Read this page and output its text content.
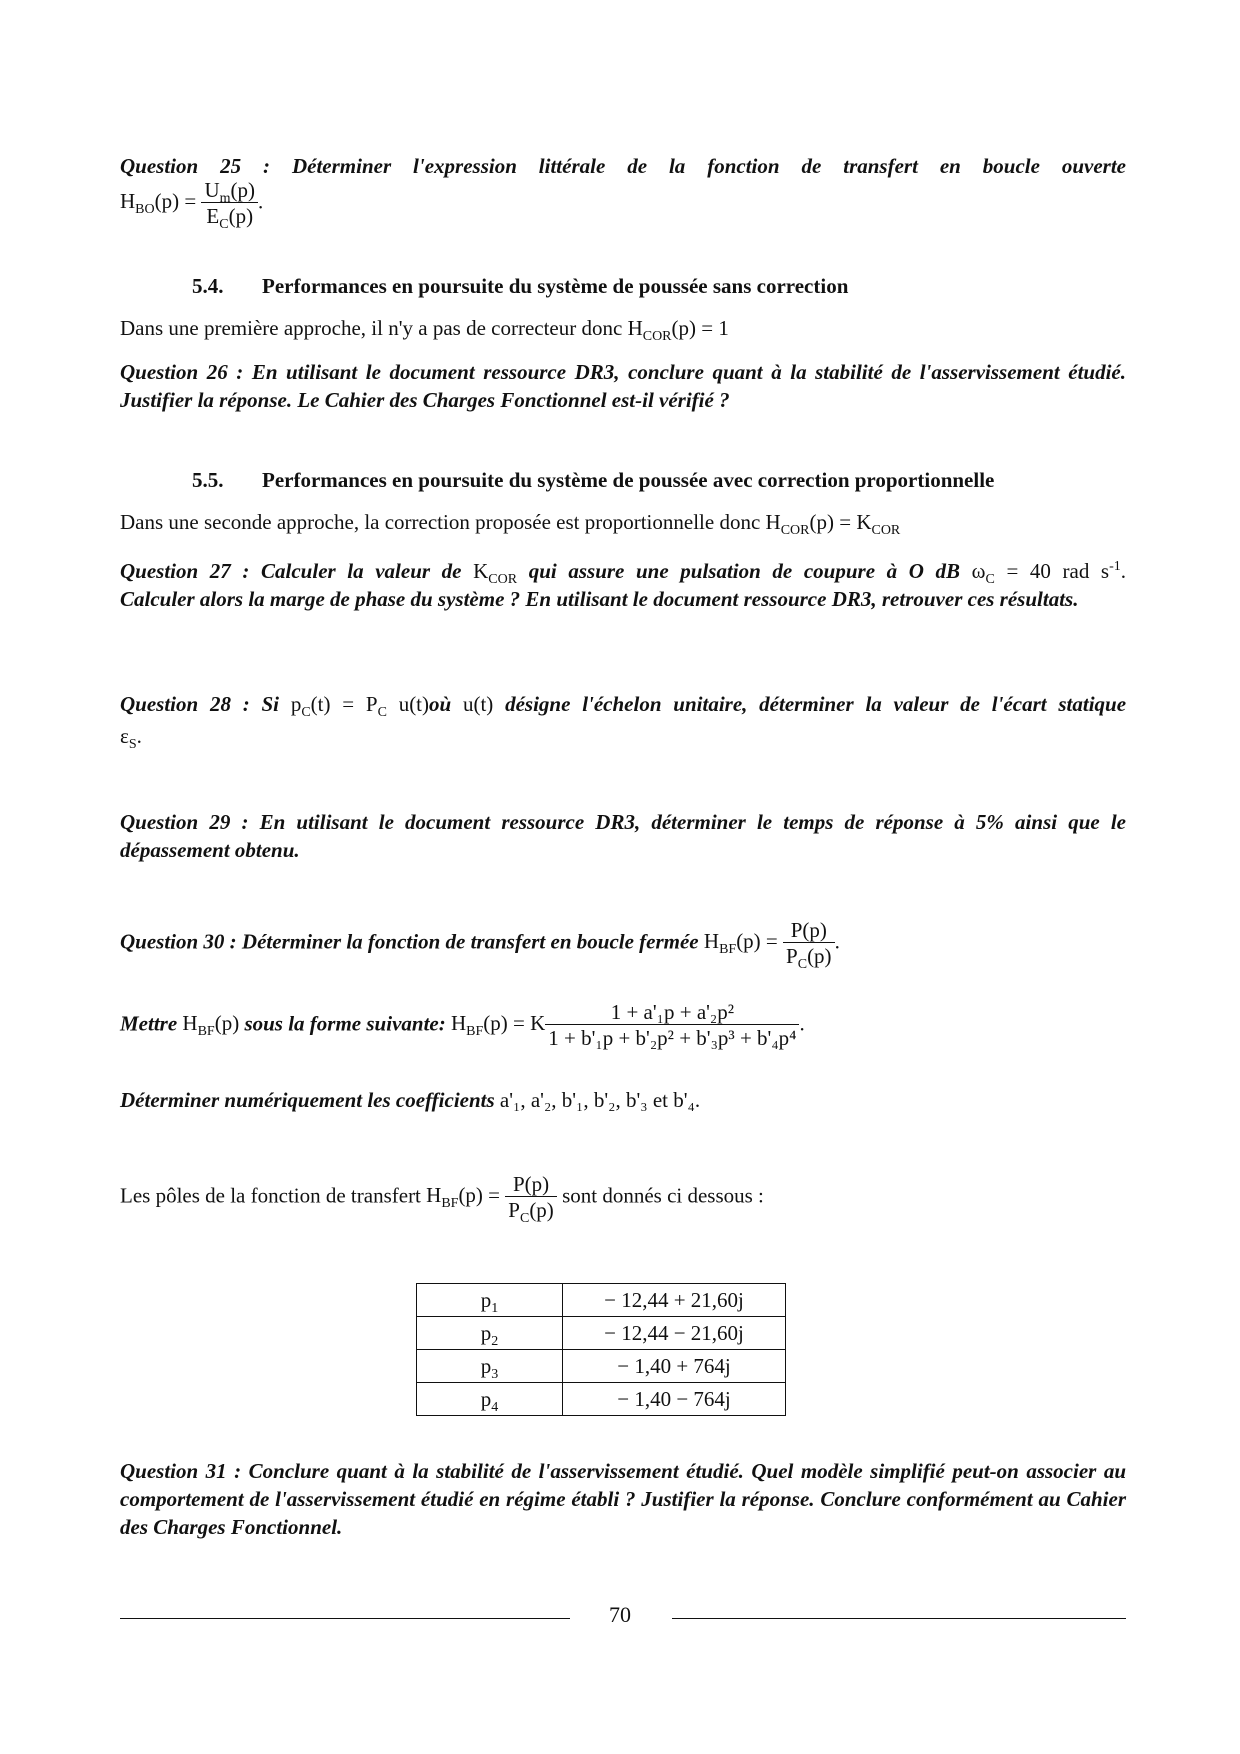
Question 25 : Déterminer l'expression littérale de la fonction de transfert en boucle ouverte
$H_{BO}(p) = \frac{U_m(p)}{E_C(p)}$ .
5.4. Performances en poursuite du système de poussée sans correction
Dans une première approche, il n'y a pas de correcteur donc $H_{COR}(p) = 1$
Question 26 : En utilisant le document ressource DR3, conclure quant à la stabilité de l'asservissement étudié. Justifier la réponse. Le Cahier des Charges Fonctionnel est-il vérifié ?
5.5. Performances en poursuite du système de poussée avec correction proportionnelle
Dans une seconde approche, la correction proposée est proportionnelle donc $H_{COR}(p) = K_{COR}$
Question 27 : Calculer la valeur de $K_{COR}$ qui assure une pulsation de coupure à O dB $\omega_C = 40$ rad $s^{-1}$.
Calculer alors la marge de phase du système ? En utilisant le document ressource DR3, retrouver ces résultats.
Question 28 : Si $p_C(t) = P_C$ u(t)où u(t) désigne l'échelon unitaire, déterminer la valeur de l'écart statique
$\varepsilon_S$.
Question 29 : En utilisant le document ressource DR3, déterminer le temps de réponse à 5% ainsi que le dépassement obtenu.
Question 30 : Déterminer la fonction de transfert en boucle fermée $H_{BF}(p) = \frac{P(p)}{P_C(p)}$ .
Mettre $H_{BF}(p)$ sous la forme suivante: $H_{BF}(p) = K \frac{\text{1 + a'₁p + a'₂p²}}{\text{1 + b'₁p + b'₂p² + b'₃p³ + b'₄p⁴}}$ .
Déterminer numériquement les coefficients a'₁, a'₂, b'₁, b'₂, b'₃ et b'₄.
Les pôles de la fonction de transfert $H_{BF}(p) = \frac{P(p)}{P_C(p)}$ sont donnés ci dessous :
$p_1$	− 12,44 + 21,60j
$p_2$	− 12,44 − 21,60j
$p_3$	− 1,40 + 764j
$p_4$	− 1,40 − 764j
Question 31 : Conclure quant à la stabilité de l'asservissement étudié. Quel modèle simplifié peut-on associer au comportement de l'asservissement étudié en régime établi ? Justifier la réponse. Conclure conformément au Cahier des Charges Fonctionnel.
70
